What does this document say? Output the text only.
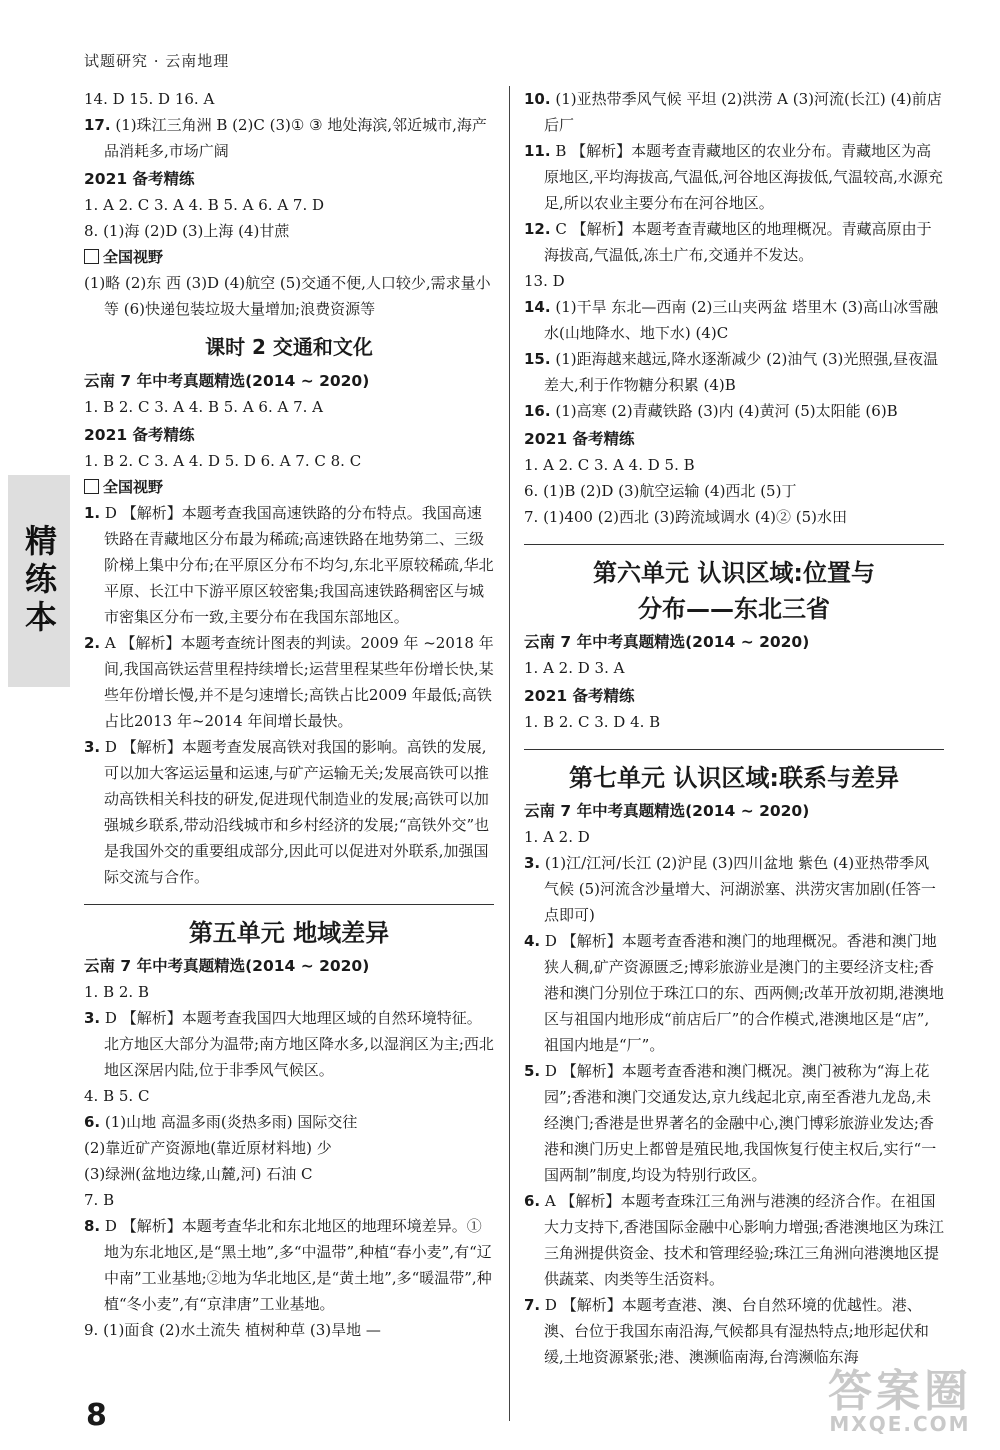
试题研究 · 云南地理
精练本
14. D 15. D 16. A
17. (1)珠江三角洲 B (2)C (3)① ③ 地处海滨,邻近城市,海产品消耗多,市场广阔
2021 备考精练
1. A 2. C 3. A 4. B 5. A 6. A 7. D
8. (1)海 (2)D (3)上海 (4)甘蔗
全国视野
(1)略 (2)东 西 (3)D (4)航空 (5)交通不便,人口较少,需求量小等 (6)快递包装垃圾大量增加;浪费资源等
课时 2 交通和文化
云南 7 年中考真题精选(2014 ~ 2020)
1. B 2. C 3. A 4. B 5. A 6. A 7. A
2021 备考精练
1. B 2. C 3. A 4. D 5. D 6. A 7. C 8. C
全国视野
1. D 【解析】本题考查我国高速铁路的分布特点。我国高速铁路在青藏地区分布最为稀疏;高速铁路在地势第二、三级阶梯上集中分布;在平原区分布不均匀,东北平原较稀疏,华北平原、长江中下游平原区较密集;我国高速铁路稠密区与城市密集区分布一致,主要分布在我国东部地区。
2. A 【解析】本题考查统计图表的判读。2009 年 ~2018 年间,我国高铁运营里程持续增长;运营里程某些年份增长快,某些年份增长慢,并不是匀速增长;高铁占比2009 年最低;高铁占比2013 年~2014 年间增长最快。
3. D 【解析】本题考查发展高铁对我国的影响。高铁的发展,可以加大客运运量和运速,与矿产运输无关;发展高铁可以推动高铁相关科技的研发,促进现代制造业的发展;高铁可以加强城乡联系,带动沿线城市和乡村经济的发展;“高铁外交”也是我国外交的重要组成部分,因此可以促进对外联系,加强国际交流与合作。
第五单元 地域差异
云南 7 年中考真题精选(2014 ~ 2020)
1. B 2. B
3. D 【解析】本题考查我国四大地理区域的自然环境特征。北方地区大部分为温带;南方地区降水多,以湿润区为主;西北地区深居内陆,位于非季风气候区。
4. B 5. C
6. (1)山地 高温多雨(炎热多雨) 国际交往
(2)靠近矿产资源地(靠近原材料地) 少
(3)绿洲(盆地边缘,山麓,河) 石油 C
7. B
8. D 【解析】本题考查华北和东北地区的地理环境差异。①地为东北地区,是“黑土地”,多“中温带”,种植“春小麦”,有“辽中南”工业基地;②地为华北地区,是“黄土地”,多“暖温带”,种植“冬小麦”,有“京津唐”工业基地。
9. (1)面食 (2)水土流失 植树种草 (3)旱地 —
10. (1)亚热带季风气候 平坦 (2)洪涝 A (3)河流(长江) (4)前店后厂
11. B 【解析】本题考查青藏地区的农业分布。青藏地区为高原地区,平均海拔高,气温低,河谷地区海拔低,气温较高,水源充足,所以农业主要分布在河谷地区。
12. C 【解析】本题考查青藏地区的地理概况。青藏高原由于海拔高,气温低,冻土广布,交通并不发达。
13. D
14. (1)干旱 东北—西南 (2)三山夹两盆 塔里木 (3)高山冰雪融水(山地降水、地下水) (4)C
15. (1)距海越来越远,降水逐渐减少 (2)油气 (3)光照强,昼夜温差大,利于作物糖分积累 (4)B
16. (1)高寒 (2)青藏铁路 (3)内 (4)黄河 (5)太阳能 (6)B
2021 备考精练
1. A 2. C 3. A 4. D 5. B
6. (1)B (2)D (3)航空运输 (4)西北 (5)丁
7. (1)400 (2)西北 (3)跨流域调水 (4)② (5)水田
第六单元 认识区域:位置与
分布——东北三省
云南 7 年中考真题精选(2014 ~ 2020)
1. A 2. D 3. A
2021 备考精练
1. B 2. C 3. D 4. B
第七单元 认识区域:联系与差异
云南 7 年中考真题精选(2014 ~ 2020)
1. A 2. D
3. (1)江/江河/长江 (2)沪昆 (3)四川盆地 紫色 (4)亚热带季风气候 (5)河流含沙量增大、河湖淤塞、洪涝灾害加剧(任答一点即可)
4. D 【解析】本题考查香港和澳门的地理概况。香港和澳门地狭人稠,矿产资源匮乏;博彩旅游业是澳门的主要经济支柱;香港和澳门分别位于珠江口的东、西两侧;改革开放初期,港澳地区与祖国内地形成“前店后厂”的合作模式,港澳地区是“店”,祖国内地是“厂”。
5. D 【解析】本题考查香港和澳门概况。澳门被称为“海上花园”;香港和澳门交通发达,京九线起北京,南至香港九龙岛,未经澳门;香港是世界著名的金融中心,澳门博彩旅游业发达;香港和澳门历史上都曾是殖民地,我国恢复行使主权后,实行“一国两制”制度,均设为特别行政区。
6. A 【解析】本题考查珠江三角洲与港澳的经济合作。在祖国大力支持下,香港国际金融中心影响力增强;香港澳地区为珠江三角洲提供资金、技术和管理经验;珠江三角洲向港澳地区提供蔬菜、肉类等生活资料。
7. D 【解析】本题考查港、澳、台自然环境的优越性。港、澳、台位于我国东南沿海,气候都具有湿热特点;地形起伏和缓,土地资源紧张;港、澳濒临南海,台湾濒临东海
8	答案圈
MXQE.COM
